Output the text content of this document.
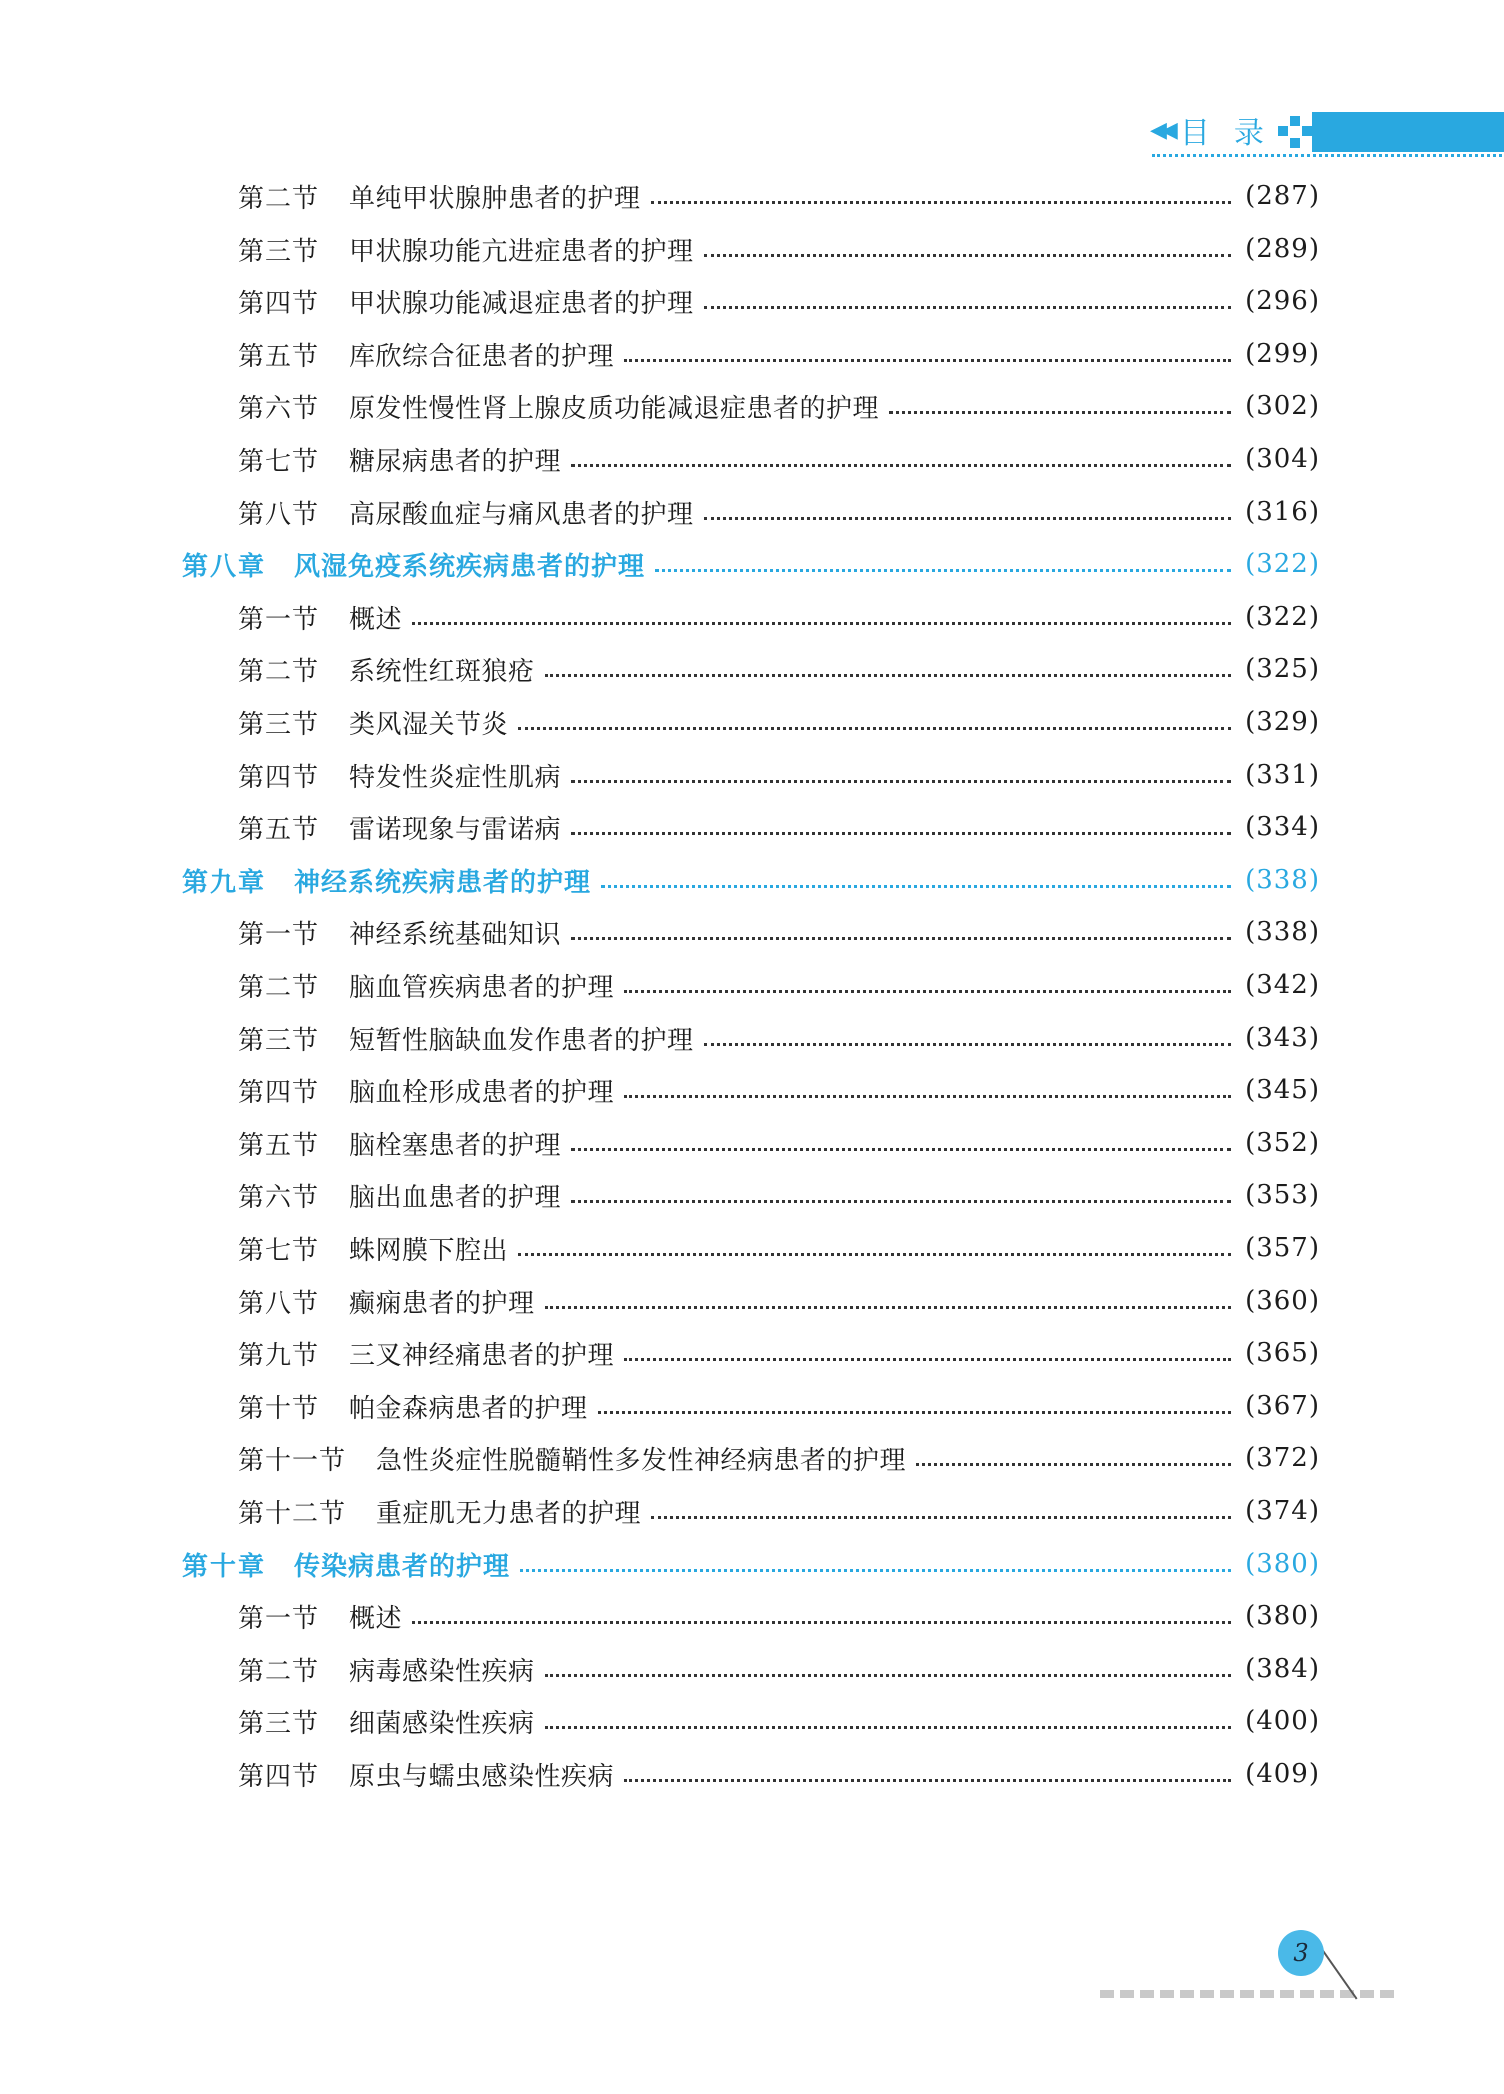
◀◀ 目 录
第二节 单纯甲状腺肿患者的护理	(287)
第三节 甲状腺功能亢进症患者的护理	(289)
第四节 甲状腺功能减退症患者的护理	(296)
第五节 库欣综合征患者的护理	(299)
第六节 原发性慢性肾上腺皮质功能减退症患者的护理	(302)
第七节 糖尿病患者的护理	(304)
第八节 高尿酸血症与痛风患者的护理	(316)
第八章 风湿免疫系统疾病患者的护理	(322)
第一节 概述	(322)
第二节 系统性红斑狼疮	(325)
第三节 类风湿关节炎	(329)
第四节 特发性炎症性肌病	(331)
第五节 雷诺现象与雷诺病	(334)
第九章 神经系统疾病患者的护理	(338)
第一节 神经系统基础知识	(338)
第二节 脑血管疾病患者的护理	(342)
第三节 短暂性脑缺血发作患者的护理	(343)
第四节 脑血栓形成患者的护理	(345)
第五节 脑栓塞患者的护理	(352)
第六节 脑出血患者的护理	(353)
第七节 蛛网膜下腔出	(357)
第八节 癫痫患者的护理	(360)
第九节 三叉神经痛患者的护理	(365)
第十节 帕金森病患者的护理	(367)
第十一节 急性炎症性脱髓鞘性多发性神经病患者的护理	(372)
第十二节 重症肌无力患者的护理	(374)
第十章 传染病患者的护理	(380)
第一节 概述	(380)
第二节 病毒感染性疾病	(384)
第三节 细菌感染性疾病	(400)
第四节 原虫与蠕虫感染性疾病	(409)
3
